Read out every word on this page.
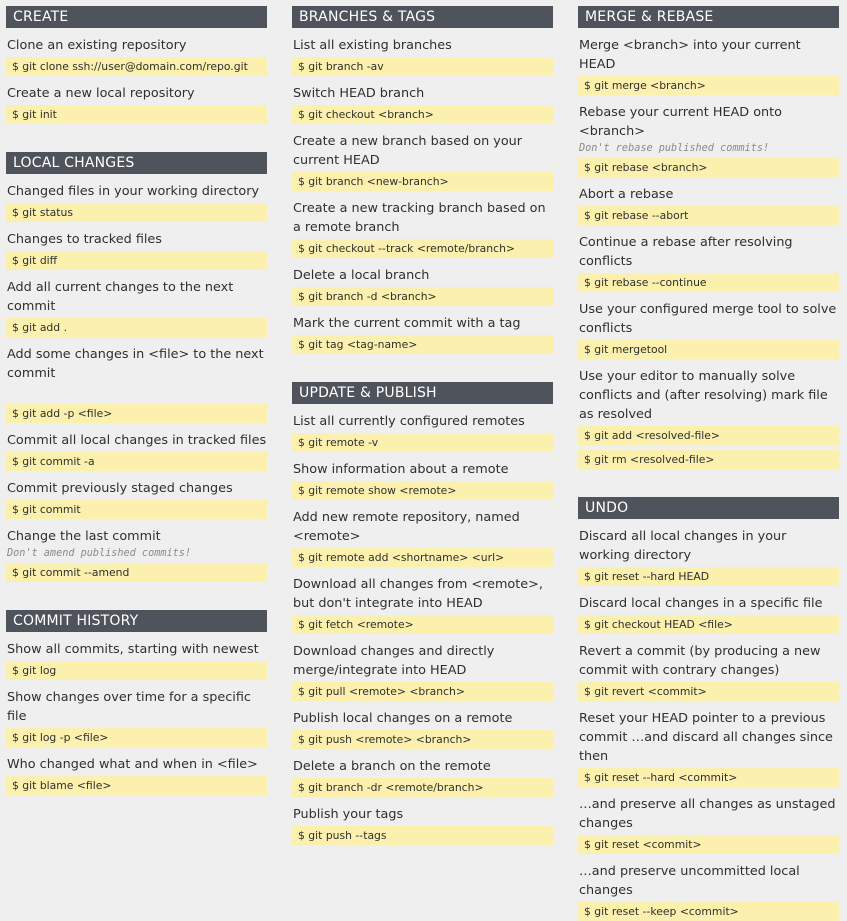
CREATE
Clone an existing repository
$ git clone ssh://user@domain.com/repo.git
Create a new local repository
$ git init
LOCAL CHANGES
Changed files in your working directory
$ git status
Changes to tracked files
$ git diff
Add all current changes to the next commit
$ git add .
Add some changes in <file> to the next commit
$ git add -p <file>
Commit all local changes in tracked files
$ git commit -a
Commit previously staged changes
$ git commit
Change the last commit
Don't amend published commits!
$ git commit --amend
COMMIT HISTORY
Show all commits, starting with newest
$ git log
Show changes over time for a specific file
$ git log -p <file>
Who changed what and when in <file>
$ git blame <file>
BRANCHES & TAGS
List all existing branches
$ git branch -av
Switch HEAD branch
$ git checkout <branch>
Create a new branch based on your current HEAD
$ git branch <new-branch>
Create a new tracking branch based on a remote branch
$ git checkout --track <remote/branch>
Delete a local branch
$ git branch -d <branch>
Mark the current commit with a tag
$ git tag <tag-name>
UPDATE & PUBLISH
List all currently configured remotes
$ git remote -v
Show information about a remote
$ git remote show <remote>
Add new remote repository, named <remote>
$ git remote add <shortname> <url>
Download all changes from <remote>, but don't integrate into HEAD
$ git fetch <remote>
Download changes and directly merge/integrate into HEAD
$ git pull <remote> <branch>
Publish local changes on a remote
$ git push <remote> <branch>
Delete a branch on the remote
$ git branch -dr <remote/branch>
Publish your tags
$ git push --tags
MERGE & REBASE
Merge <branch> into your current HEAD
$ git merge <branch>
Rebase your current HEAD onto <branch>
Don't rebase published commits!
$ git rebase <branch>
Abort a rebase
$ git rebase --abort
Continue a rebase after resolving conflicts
$ git rebase --continue
Use your configured merge tool to solve conflicts
$ git mergetool
Use your editor to manually solve conflicts and (after resolving) mark file as resolved
$ git add <resolved-file>
$ git rm <resolved-file>
UNDO
Discard all local changes in your working directory
$ git reset --hard HEAD
Discard local changes in a specific file
$ git checkout HEAD <file>
Revert a commit (by producing a new commit with contrary changes)
$ git revert <commit>
Reset your HEAD pointer to a previous commit …and discard all changes since then
$ git reset --hard <commit>
…and preserve all changes as unstaged changes
$ git reset <commit>
…and preserve uncommitted local changes
$ git reset --keep <commit>
